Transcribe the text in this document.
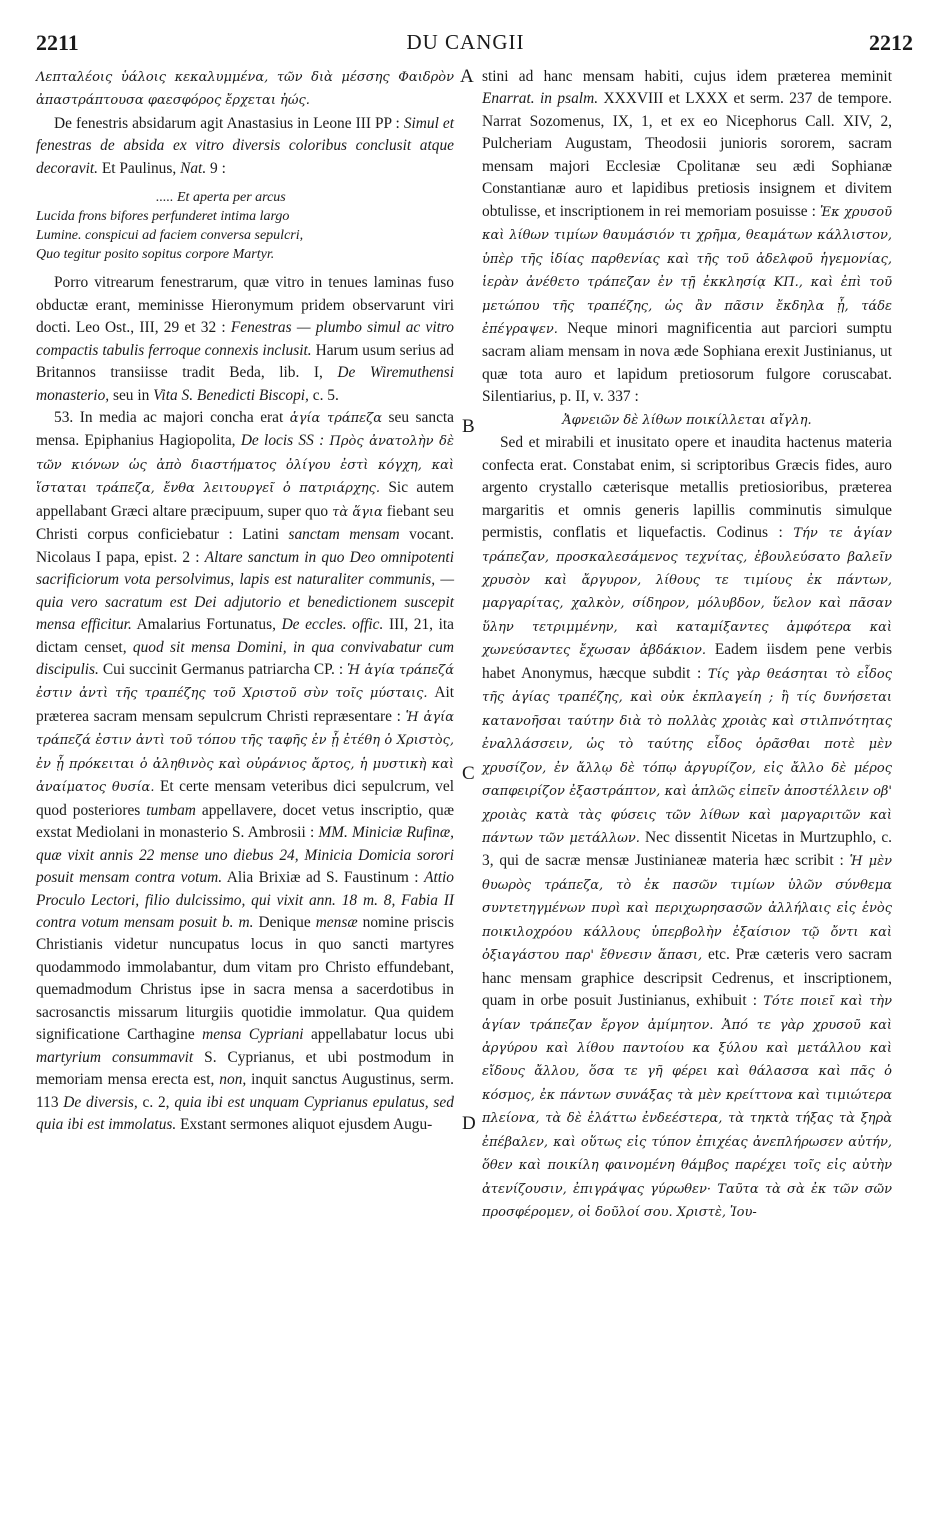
2211	DU CANGII	2212
A
B
C
D

Λεπταλέοις ὑάλοις κεκαλυμμένα, τῶν διὰ μέσσης Φαιδρὸν ἀπαστράπτουσα φαεσφόρος ἔρχεται ἠώς.

De fenestris absidarum agit Anastasius in Leone III PP : Simul et fenestras de absida ex vitro diversis coloribus conclusit atque decoravit. Et Paulinus, Nat. 9 :

..... Et aperta per arcus
Lucida frons bifores perfunderet intima largo
Lumine. conspicui ad faciem conversa sepulcri,
Quo tegitur posito sopitus corpore Martyr.

Porro vitrearum fenestrarum, quæ vitro in tenues laminas fuso obductæ erant, meminisse Hieronymum pridem observarunt viri docti. Leo Ost., III, 29 et 32 : Fenestras — plumbo simul ac vitro compactis tabulis ferroque connexis inclusit. Harum usum serius ad Britannos transiisse tradit Beda, lib. I, De Wiremuthensi monasterio, seu in Vita S. Benedicti Biscopi, c. 5.

53. In media ac majori concha erat ἁγία τράπεζα seu sancta mensa. Epiphanius Hagiopolita, De locis SS : Πρὸς ἀνατολὴν δὲ τῶν κιόνων ὡς ἀπὸ διαστήματος ὀλίγου ἐστὶ κόγχη, καὶ ἵσταται τράπεζα, ἔνθα λειτουργεῖ ὁ πατριάρχης. Sic autem appellabant Græci altare præcipuum, super quo τὰ ἅγια fiebant seu Christi corpus conficiebatur : Latini sanctam mensam vocant. Nicolaus I papa, epist. 2 : Altare sanctum in quo Deo omnipotenti sacrificiorum vota persolvimus, lapis est naturaliter communis, — quia vero sacratum est Dei adjutorio et benedictionem suscepit mensa efficitur. Amalarius Fortunatus, De eccles. offic. III, 21, ita dictam censet, quod sit mensa Domini, in qua convivabatur cum discipulis. Cui succinit Germanus patriarcha CP. : Ἡ ἁγία τράπεζά ἐστιν ἀντὶ τῆς τραπέζης τοῦ Χριστοῦ σὺν τοῖς μύσταις. Ait præterea sacram mensam sepulcrum Christi repræsentare : Ἡ ἁγία τράπεζά ἐστιν ἀντὶ τοῦ τόπου τῆς ταφῆς ἐν ᾗ ἐτέθη ὁ Χριστὸς, ἐν ᾗ πρόκειται ὁ ἀληθινὸς καὶ οὐράνιος ἄρτος, ἡ μυστικὴ καὶ ἀναίματος θυσία. Et certe mensam veteribus dici sepulcrum, vel quod posteriores tumbam appellavere, docet vetus inscriptio, quæ exstat Mediolani in monasterio S. Ambrosii : MM. Miniciæ Rufinæ, quæ vixit annis 22 mense uno diebus 24, Minicia Domicia sorori posuit mensam contra votum. Alia Brixiæ ad S. Faustinum : Attio Proculo Lectori, filio dulcissimo, qui vixit ann. 18 m. 8, Fabia II contra votum mensam posuit b. m. Denique mensæ nomine priscis Christianis videtur nuncupatus locus in quo sancti martyres quodammodo immolabantur, dum vitam pro Christo effundebant, quemadmodum Christus ipse in sacra mensa a sacerdotibus in sacrosanctis missarum liturgiis quotidie immolatur. Qua quidem significatione Carthagine mensa Cypriani appellabatur locus ubi martyrium consummavit S. Cyprianus, et ubi postmodum in memoriam mensa erecta est, non, inquit sanctus Augustinus, serm. 113 De diversis, c. 2, quia ibi est unquam Cyprianus epulatus, sed quia ibi est immolatus. Exstant sermones aliquot ejusdem Augu-

stini ad hanc mensam habiti, cujus idem præterea meminit Enarrat. in psalm. XXXVIII et LXXX et serm. 237 de tempore. Narrat Sozomenus, IX, 1, et ex eo Nicephorus Call. XIV, 2, Pulcheriam Augustam, Theodosii junioris sororem, sacram mensam majori Ecclesiæ Cpolitanæ seu ædi Sophianæ Constantianæ auro et lapidibus pretiosis insignem et divitem obtulisse, et inscriptionem in rei memoriam posuisse : Ἐκ χρυσοῦ καὶ λίθων τιμίων θαυμάσιόν τι χρῆμα, θεαμάτων κάλλιστον, ὑπὲρ τῆς ἰδίας παρθενίας καὶ τῆς τοῦ ἀδελφοῦ ἡγεμονίας, ἱερὰν ἀνέθετο τράπεζαν ἐν τῇ ἐκκλησίᾳ ΚΠ., καὶ ἐπὶ τοῦ μετώπου τῆς τραπέζης, ὡς ἂν πᾶσιν ἔκδηλα ᾖ, τάδε ἐπέγραψεν. Neque minori magnificentia aut parciori sumptu sacram aliam mensam in nova æde Sophiana erexit Justinianus, ut quæ tota auro et lapidum pretiosorum fulgore coruscabat. Silentiarius, p. II, v. 337 :

Ἀφνειῶν δὲ λίθων ποικίλλεται αἴγλη.

Sed et mirabili et inusitato opere et inaudita hactenus materia confecta erat. Constabat enim, si scriptoribus Græcis fides, auro argento crystallo cæterisque metallis pretiosioribus, præterea margaritis et omnis generis lapillis comminutis simulque permistis, conflatis et liquefactis. Codinus : Τήν τε ἁγίαν τράπεζαν, προσκαλεσάμενος τεχνίτας, ἐβουλεύσατο βαλεῖν χρυσὸν καὶ ἄργυρον, λίθους τε τιμίους ἐκ πάντων, μαργαρίτας, χαλκὸν, σίδηρον, μόλυβδον, ὕελον καὶ πᾶσαν ὕλην τετριμμένην, καὶ καταμίξαντες ἀμφότερα καὶ χωνεύσαντες ἔχωσαν ἀβδάκιον. Eadem iisdem pene verbis habet Anonymus, hæcque subdit : Τίς γὰρ θεάσηται τὸ εἶδος τῆς ἁγίας τραπέζης, καὶ οὐκ ἐκπλαγείη ; ἢ τίς δυνήσεται κατανοῆσαι ταύτην διὰ τὸ πολλὰς χροιὰς καὶ στιλπνότητας ἐναλλάσσειν, ὡς τὸ ταύτης εἶδος ὁρᾶσθαι ποτὲ μὲν χρυσίζον, ἐν ἄλλῳ δὲ τόπῳ ἀργυρίζον, εἰς ἄλλο δὲ μέρος σαπφειρίζον ἐξαστράπτον, καὶ ἁπλῶς εἰπεῖν ἀποστέλλειν οβ' χροιὰς κατὰ τὰς φύσεις τῶν λίθων καὶ μαργαριτῶν καὶ πάντων τῶν μετάλλων. Nec dissentit Nicetas in Murtzuphlo, c. 3, qui de sacræ mensæ Justinianeæ materia hæc scribit : Ἡ μὲν θυωρὸς τράπεζα, τὸ ἐκ πασῶν τιμίων ὑλῶν σύνθεμα συντετηγμένων πυρὶ καὶ περιχωρησασῶν ἀλλήλαις εἰς ἑνὸς ποικιλοχρόου κάλλους ὑπερβολὴν ἐξαίσιον τῷ ὄντι καὶ ὀξιαγάστου παρ' ἔθνεσιν ἅπασι, etc. Præ cæteris vero sacram hanc mensam graphice descripsit Cedrenus, et inscriptionem, quam in orbe posuit Justinianus, exhibuit : Τότε ποιεῖ καὶ τὴν ἁγίαν τράπεζαν ἔργον ἀμίμητον. Ἀπό τε γὰρ χρυσοῦ καὶ ἀργύρου καὶ λίθου παντοίου κα ξύλου καὶ μετάλλου καὶ εἴδους ἄλλου, ὅσα τε γῆ φέρει καὶ θάλασσα καὶ πᾶς ὁ κόσμος, ἐκ πάντων συνάξας τὰ μὲν κρείττονα καὶ τιμιώτερα πλείονα, τὰ δὲ ἐλάττω ἐνδεέστερα, τὰ τηκτὰ τήξας τὰ ξηρὰ ἐπέβαλεν, καὶ οὕτως εἰς τύπον ἐπιχέας ἀνεπλήρωσεν αὐτήν, ὅθεν καὶ ποικίλη φαινομένη θάμβος παρέχει τοῖς εἰς αὐτὴν ἀτενίζουσιν, ἐπιγράψας γύρωθεν· Ταῦτα τὰ σὰ ἐκ τῶν σῶν προσφέρομεν, οἱ δοῦλοί σου. Χριστὲ, Ἰου-
